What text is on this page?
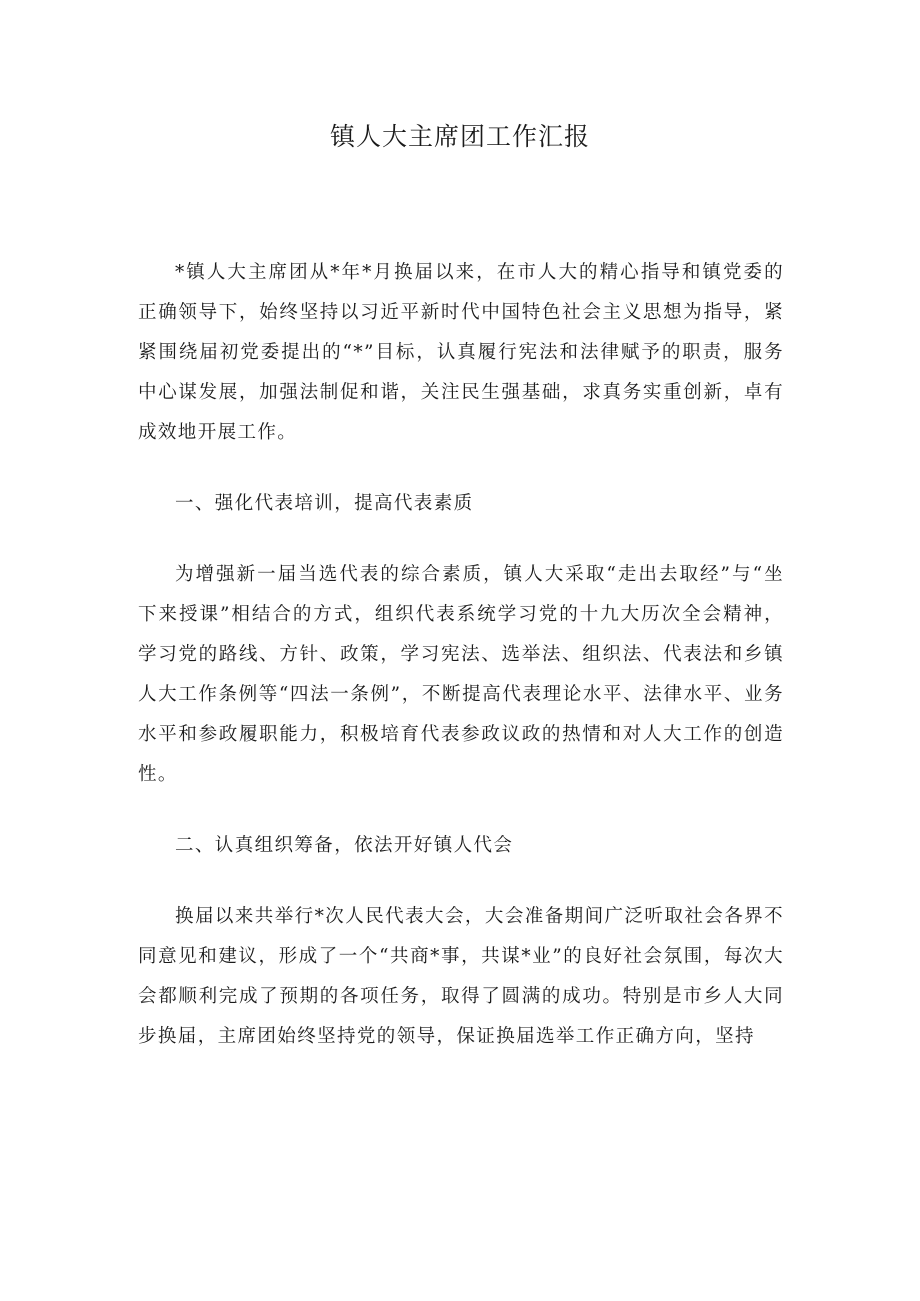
镇人大主席团工作汇报

*镇人大主席团从*年*月换届以来，在市人大的精心指导和镇党委的正确领导下，始终坚持以习近平新时代中国特色社会主义思想为指导，紧紧围绕届初党委提出的“*”目标，认真履行宪法和法律赋予的职责，服务中心谋发展，加强法制促和谐，关注民生强基础，求真务实重创新，卓有成效地开展工作。

一、强化代表培训，提高代表素质

为增强新一届当选代表的综合素质，镇人大采取“走出去取经”与“坐下来授课”相结合的方式，组织代表系统学习党的十九大历次全会精神，学习党的路线、方针、政策，学习宪法、选举法、组织法、代表法和乡镇人大工作条例等“四法一条例”，不断提高代表理论水平、法律水平、业务水平和参政履职能力，积极培育代表参政议政的热情和对人大工作的创造性。

二、认真组织筹备，依法开好镇人代会

换届以来共举行*次人民代表大会，大会准备期间广泛听取社会各界不同意见和建议，形成了一个“共商*事，共谋*业”的良好社会氛围，每次大会都顺利完成了预期的各项任务，取得了圆满的成功。特别是市乡人大同步换届，主席团始终坚持党的领导，保证换届选举工作正确方向，坚持
